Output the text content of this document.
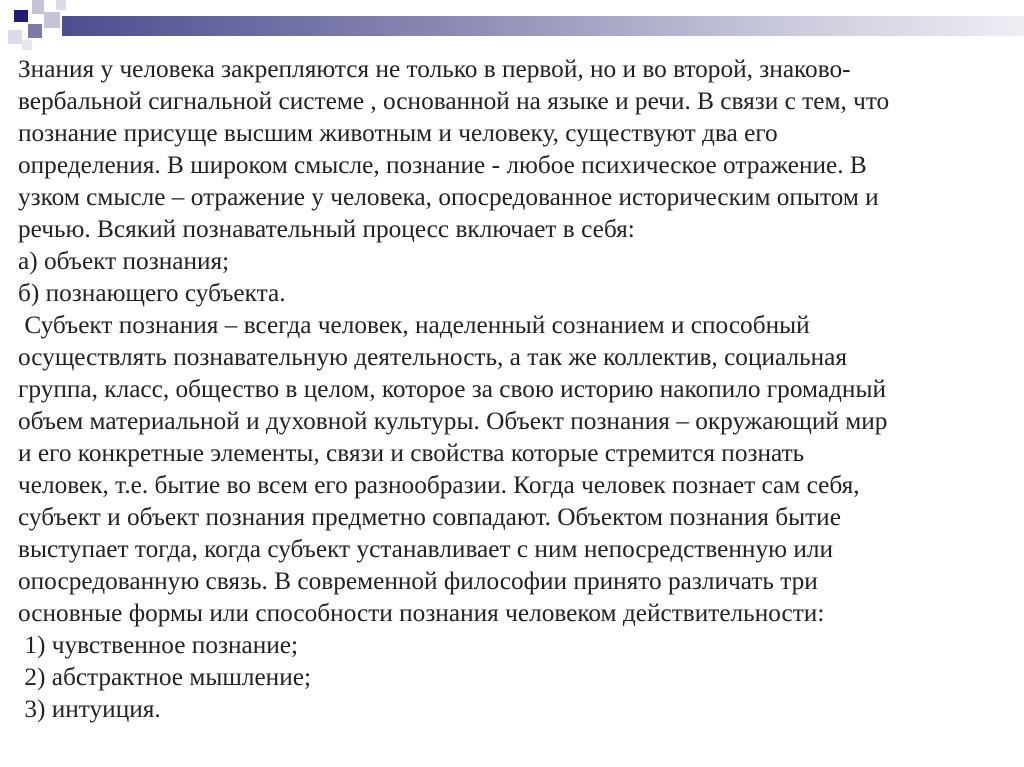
Знания у человека закрепляются не только в первой, но и во второй, знаково-
вербальной сигнальной системе , основанной на языке и речи. В связи с тем, что
познание присуще высшим животным и человеку, существуют два его
определения. В широком смысле, познание - любое психическое отражение. В
узком смысле – отражение у человека, опосредованное историческим опытом и
речью. Всякий познавательный процесс включает в себя:
а) объект познания;
б) познающего субъекта.
Субъект познания – всегда человек, наделенный сознанием и способный
осуществлять познавательную деятельность, а так же коллектив, социальная
группа, класс, общество в целом, которое за свою историю накопило громадный
объем материальной и духовной культуры. Объект познания – окружающий мир
и его конкретные элементы, связи и свойства которые стремится познать
человек, т.е. бытие во всем его разнообразии. Когда человек познает сам себя,
субъект и объект познания предметно совпадают. Объектом познания бытие
выступает тогда, когда субъект устанавливает с ним непосредственную или
опосредованную связь. В современной философии принято различать три
основные формы или способности познания человеком действительности:
1) чувственное познание;
2) абстрактное мышление;
3) интуиция.
